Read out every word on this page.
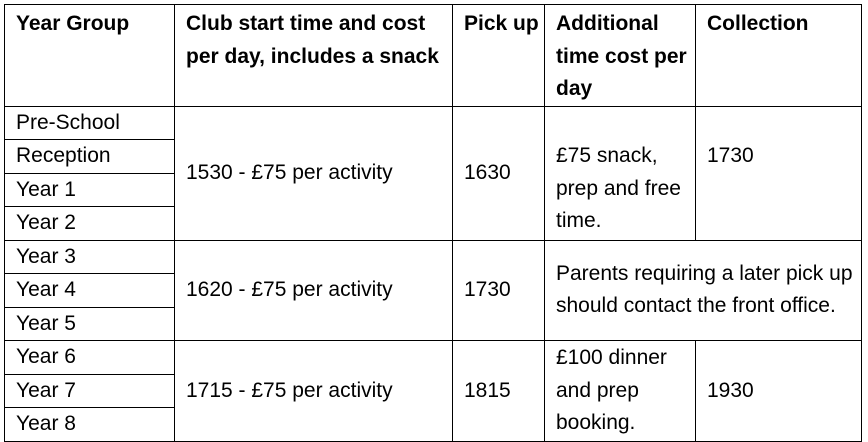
Year Group	Club start time and cost per day, includes a snack	Pick up	Additional time cost per day	Collection
Pre-School	1530 - £75 per activity	1630	£75 snack, prep and free time.	1730
Reception				
Year 1				
Year 2				
Year 3	1620 - £75 per activity	1730	Parents requiring a later pick up should contact the front office.	
Year 4				
Year 5				
Year 6	1715 - £75 per activity	1815	£100 dinner and prep booking.	1930
Year 7				
Year 8				
